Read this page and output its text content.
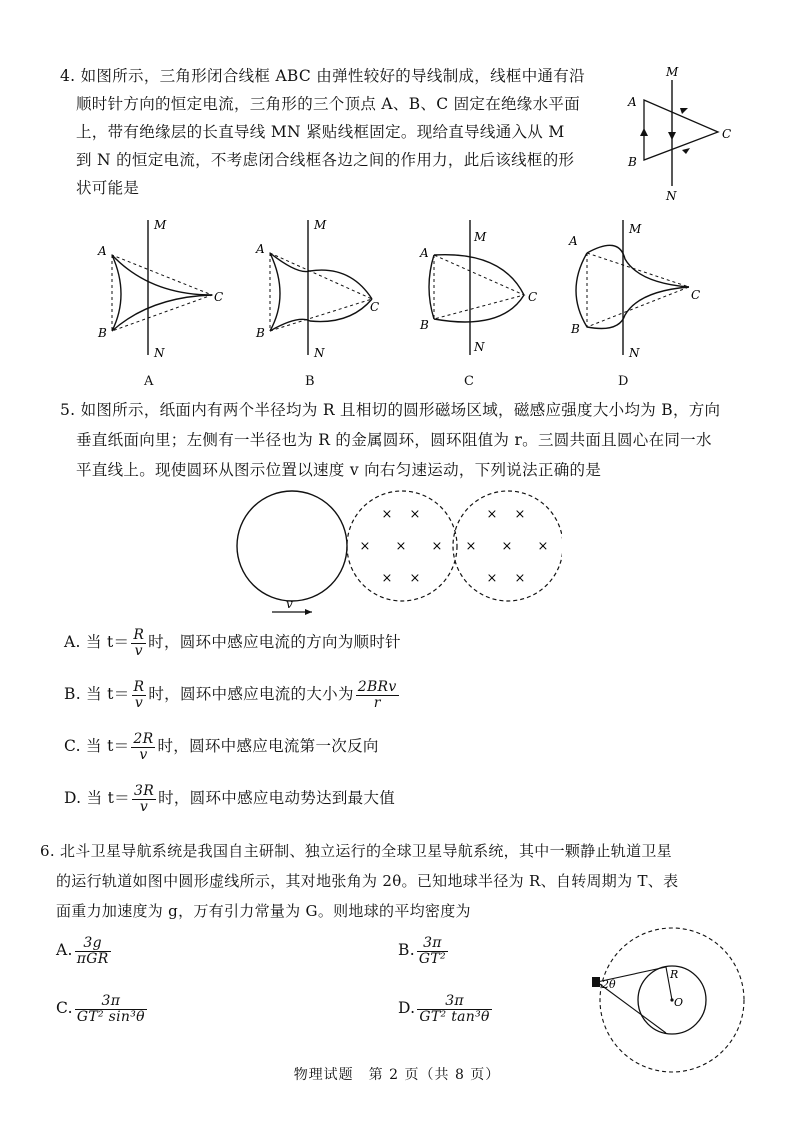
4. 如图所示，三角形闭合线框 ABC 由弹性较好的导线制成，线框中通有沿
顺时针方向的恒定电流，三角形的三个顶点 A、B、C 固定在绝缘水平面
上，带有绝缘层的长直导线 MN 紧贴线框固定。现给直导线通入从 M
到 N 的恒定电流，不考虑闭合线框各边之间的作用力，此后该线框的形
状可能是
M
N
A
B
C
A
B
C
M
N
A
B
C
M
N
A
B
C
M
N
A
B
C
M
N
A	B	C	D
5. 如图所示，纸面内有两个半径均为 R 且相切的圆形磁场区域，磁感应强度大小均为 B，方向
垂直纸面向里；左侧有一半径也为 R 的金属圆环，圆环阻值为 r。三圆共面且圆心在同一水
平直线上。现使圆环从图示位置以速度 v 向右匀速运动，下列说法正确的是
× ×
× × ×
× ×
× ×
× × ×
× ×
v
A. 当 $t= \frac{R}{v}$ 时，圆环中感应电流的方向为顺时针
B. 当 $t= \frac{R}{v}$ 时，圆环中感应电流的大小为 $\frac{\text{2BRv}}{r}$
C. 当 $t= \frac{2R}{v}$ 时，圆环中感应电流第一次反向
D. 当 $t= \frac{3R}{v}$ 时，圆环中感应电动势达到最大值
6. 北斗卫星导航系统是我国自主研制、独立运行的全球卫星导航系统，其中一颗静止轨道卫星
的运行轨道如图中圆形虚线所示，其对地张角为 2θ。已知地球半径为 R、自转周期为 T、表
面重力加速度为 g，万有引力常量为 G。则地球的平均密度为
A. $\frac{3g}{\text{πGR}}$	B. $\frac{3\pi}{\text{GT²}}$
C. $\frac{3\pi}{\text{GT² sin³θ}}$	D. $\frac{3\pi}{\text{GT² tan³θ}}$
2θ
R
O
物理试题　第 2 页（共 8 页）
